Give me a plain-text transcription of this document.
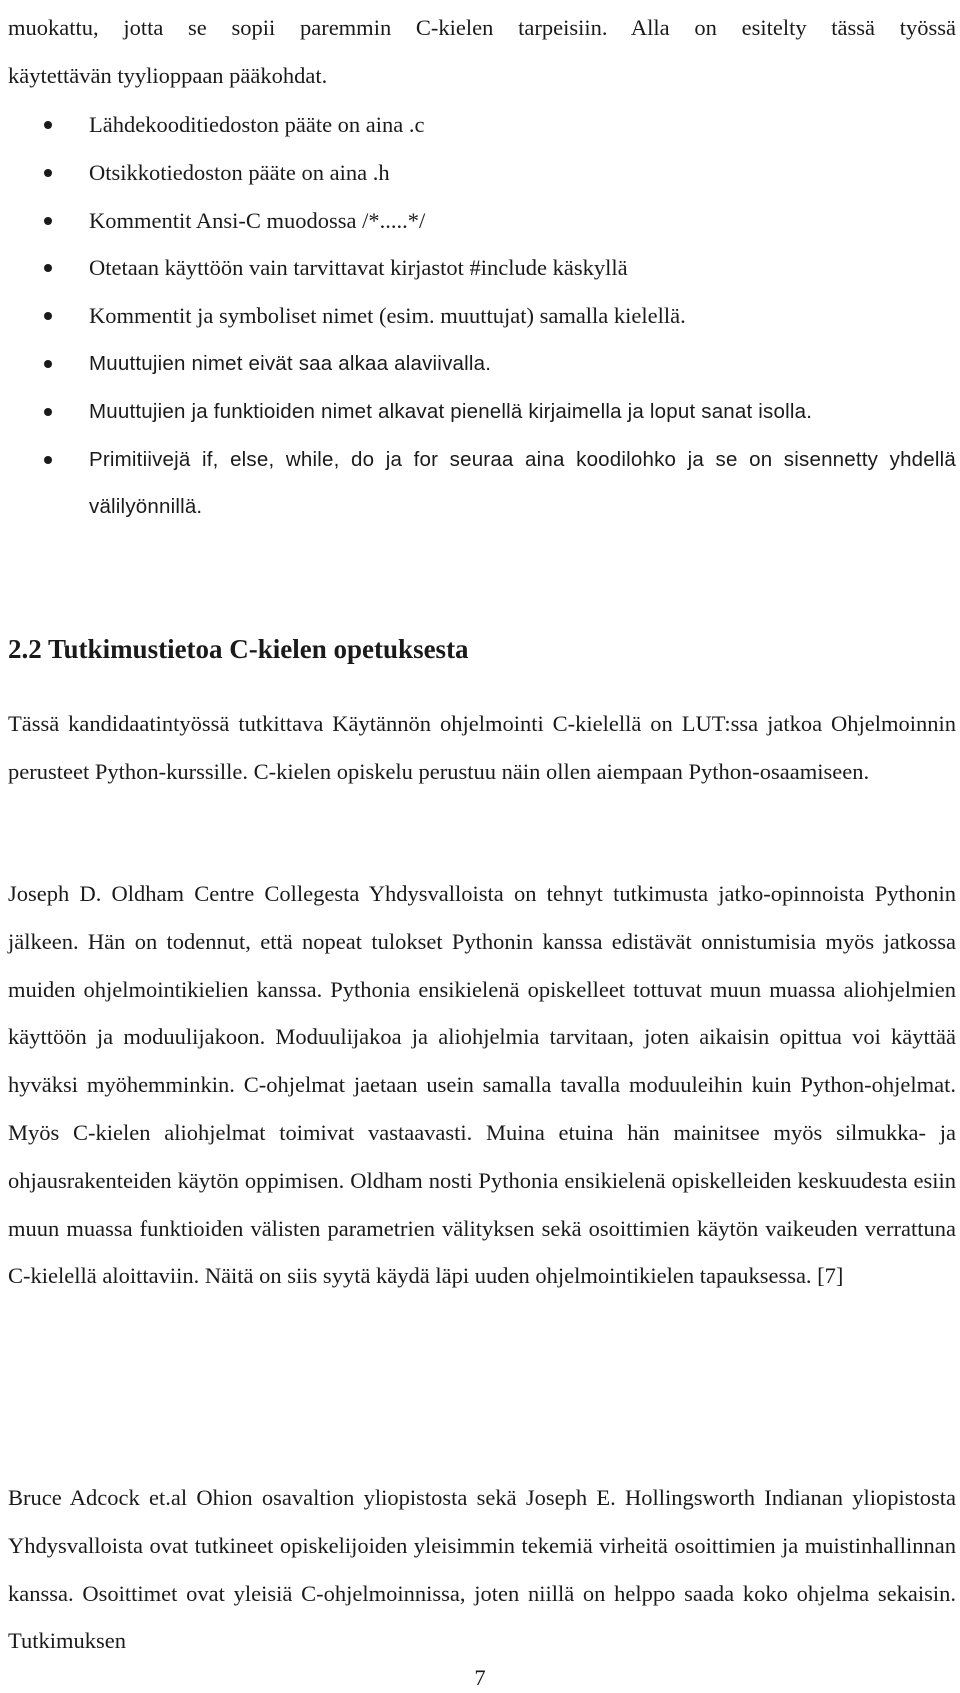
muokattu, jotta se sopii paremmin C-kielen tarpeisiin. Alla on esitelty tässä työssä
käytettävän tyylioppaan pääkohdat.
Lähdekooditiedoston pääte on aina .c
Otsikkotiedoston pääte on aina .h
Kommentit Ansi-C muodossa /*.....*/
Otetaan käyttöön vain tarvittavat kirjastot #include käskyllä
Kommentit ja symboliset nimet (esim. muuttujat) samalla kielellä.
Muuttujien nimet eivät saa alkaa alaviivalla.
Muuttujien ja funktioiden nimet alkavat pienellä kirjaimella ja loput sanat isolla.
Primitiivejä if, else, while, do ja for seuraa aina koodilohko ja se on sisennetty yhdellä välilyönnillä.
2.2 Tutkimustietoa C-kielen opetuksesta

Tässä kandidaatintyössä tutkittava Käytännön ohjelmointi C-kielellä on LUT:ssa jatkoa Ohjelmoinnin perusteet Python-kurssille. C-kielen opiskelu perustuu näin ollen aiempaan Python-osaamiseen.

Joseph D. Oldham Centre Collegesta Yhdysvalloista on tehnyt tutkimusta jatko-opinnoista Pythonin jälkeen. Hän on todennut, että nopeat tulokset Pythonin kanssa edistävät onnistumisia myös jatkossa muiden ohjelmointikielien kanssa. Pythonia ensikielenä opiskelleet tottuvat muun muassa aliohjelmien käyttöön ja moduulijakoon. Moduulijakoa ja aliohjelmia tarvitaan, joten aikaisin opittua voi käyttää hyväksi myöhemminkin. C-ohjelmat jaetaan usein samalla tavalla moduuleihin kuin Python-ohjelmat. Myös C-kielen aliohjelmat toimivat vastaavasti. Muina etuina hän mainitsee myös silmukka- ja ohjausrakenteiden käytön oppimisen. Oldham nosti Pythonia ensikielenä opiskelleiden keskuudesta esiin muun muassa funktioiden välisten parametrien välityksen sekä osoittimien käytön vaikeuden verrattuna C-kielellä aloittaviin. Näitä on siis syytä käydä läpi uuden ohjelmointikielen tapauksessa. [7]

Bruce Adcock et.al Ohion osavaltion yliopistosta sekä Joseph E. Hollingsworth Indianan yliopistosta Yhdysvalloista ovat tutkineet opiskelijoiden yleisimmin tekemiä virheitä osoittimien ja muistinhallinnan kanssa. Osoittimet ovat yleisiä C-ohjelmoinnissa, joten niillä on helppo saada koko ohjelma sekaisin. Tutkimuksen

7
